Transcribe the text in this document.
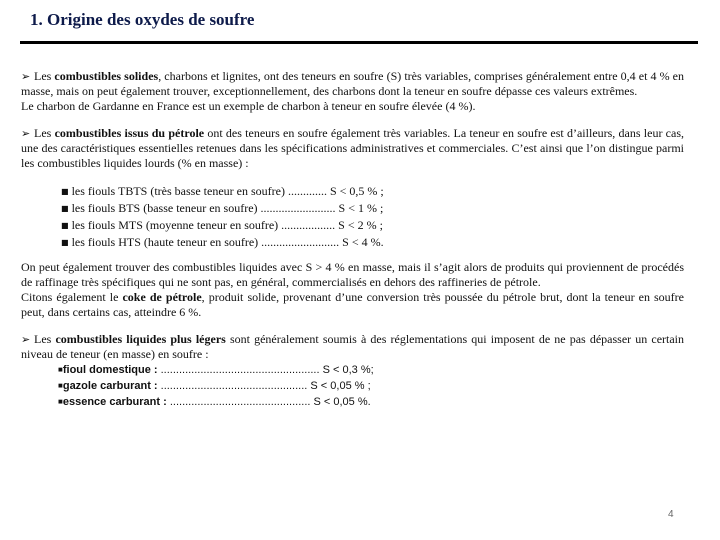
1. Origine des oxydes de soufre

➢ Les combustibles solides, charbons et lignites, ont des teneurs en soufre (S) très variables, comprises généralement entre 0,4 et 4 % en masse, mais on peut également trouver, exceptionnellement, des charbons dont la teneur en soufre dépasse ces valeurs extrêmes.

Le charbon de Gardanne en France est un exemple de charbon à teneur en soufre élevée (4 %).

➢ Les combustibles issus du pétrole ont des teneurs en soufre également très variables. La teneur en soufre est d’ailleurs, dans leur cas, une des caractéristiques essentielles retenues dans les spécifications administratives et commerciales. C’est ainsi que l’on distingue parmi les combustibles liquides lourds (% en masse) :

■ les fiouls TBTS (très basse teneur en soufre) ............. S < 0,5 % ;
■ les fiouls BTS (basse teneur en soufre) ......................... S < 1 % ;
■ les fiouls MTS (moyenne teneur en soufre) .................. S < 2 % ;
■ les fiouls HTS (haute teneur en soufre) .......................... S < 4 %.

On peut également trouver des combustibles liquides avec S > 4 % en masse, mais il s’agit alors de produits qui proviennent de procédés de raffinage très spécifiques qui ne sont pas, en général, commercialisés en dehors des raffineries de pétrole.

Citons également le coke de pétrole, produit solide, provenant d’une conversion très poussée du pétrole brut, dont la teneur en soufre peut, dans certains cas, atteindre 6 %.

➢ Les combustibles liquides plus légers sont généralement soumis à des réglementations qui imposent de ne pas dépasser un certain niveau de teneur (en masse) en soufre :

■fioul domestique : .................................................... S < 0,3 %;
■gazole carburant : ................................................ S < 0,05 % ;
■essence carburant : .............................................. S < 0,05 %.
4
